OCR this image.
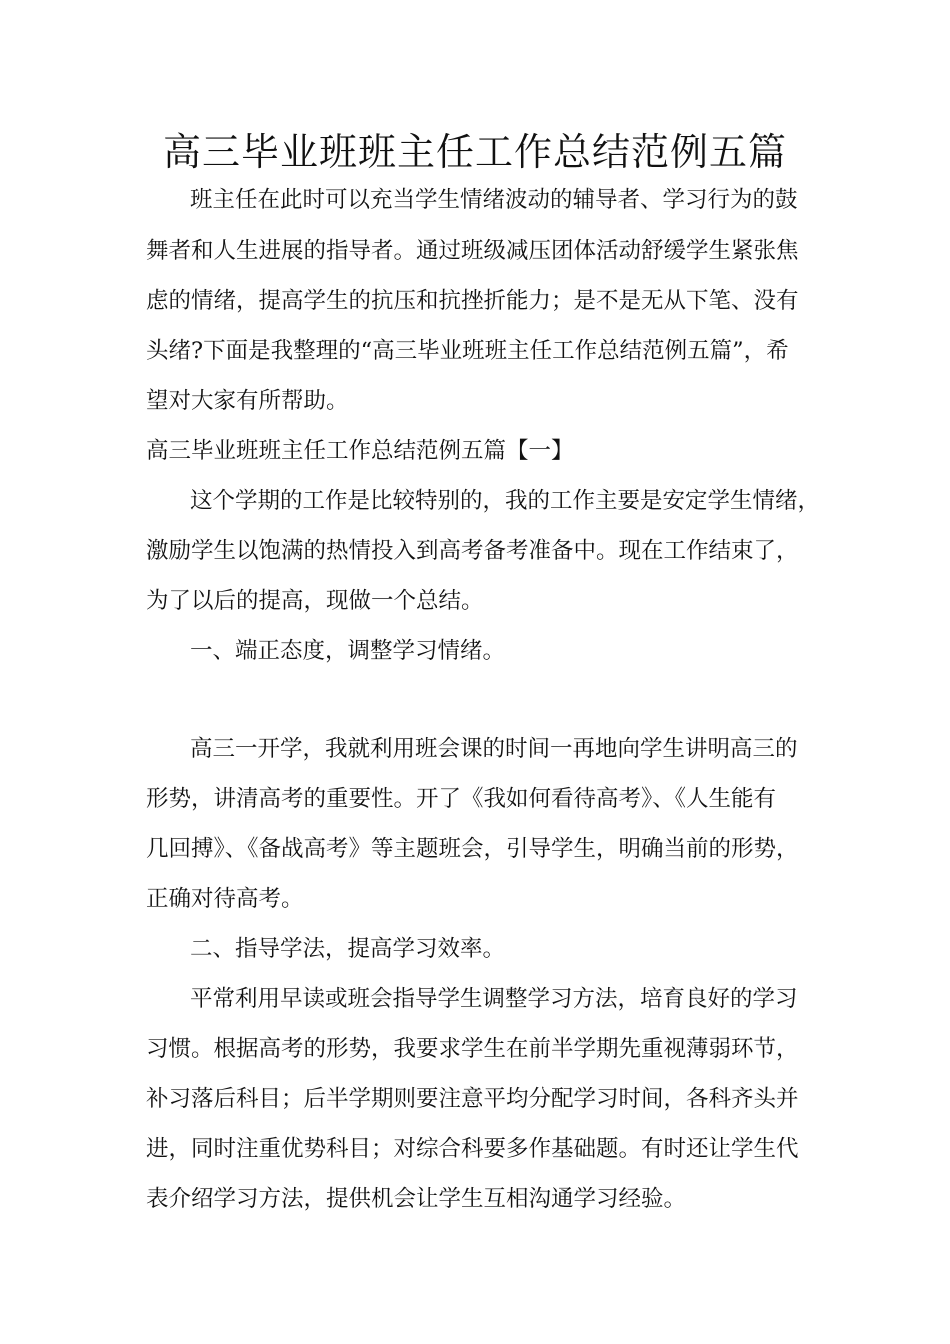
高三毕业班班主任工作总结范例五篇

班主任在此时可以充当学生情绪波动的辅导者、学习行为的鼓

舞者和人生进展的指导者。通过班级减压团体活动舒缓学生紧张焦

虑的情绪，提高学生的抗压和抗挫折能力；是不是无从下笔、没有

头绪?下面是我整理的“高三毕业班班主任工作总结范例五篇”，希

望对大家有所帮助。

高三毕业班班主任工作总结范例五篇【一】

这个学期的工作是比较特别的，我的工作主要是安定学生情绪，

激励学生以饱满的热情投入到高考备考准备中。现在工作结束了，

为了以后的提高，现做一个总结。

一、端正态度，调整学习情绪。

高三一开学，我就利用班会课的时间一再地向学生讲明高三的

形势，讲清高考的重要性。开了《我如何看待高考》、《人生能有

几回搏》、《备战高考》等主题班会，引导学生，明确当前的形势，

正确对待高考。

二、指导学法，提高学习效率。

平常利用早读或班会指导学生调整学习方法，培育良好的学习

习惯。根据高考的形势，我要求学生在前半学期先重视薄弱环节，

补习落后科目；后半学期则要注意平均分配学习时间，各科齐头并

进，同时注重优势科目；对综合科要多作基础题。有时还让学生代

表介绍学习方法，提供机会让学生互相沟通学习经验。
